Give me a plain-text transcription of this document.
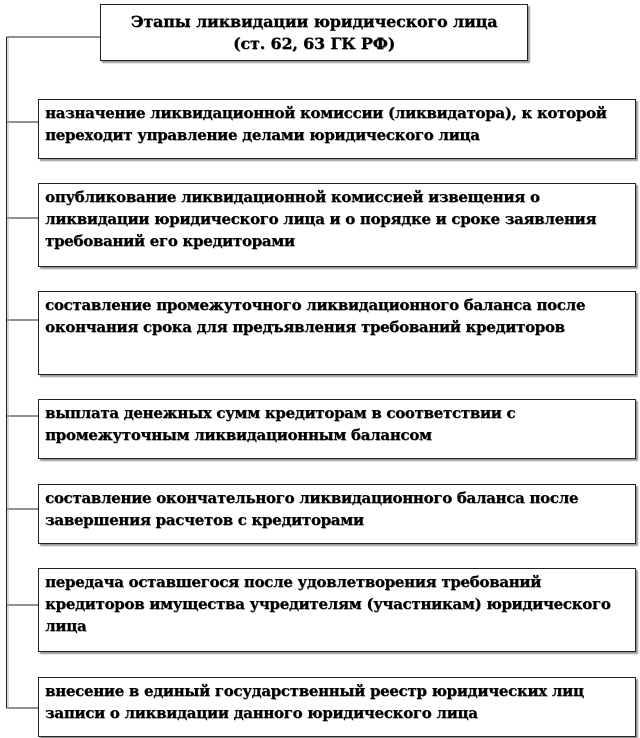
Этапы ликвидации юридического лица
(ст. 62, 63 ГК РФ)
назначение ликвидационной комиссии (ликвидатора), к которой переходит управление делами юридического лица
опубликование ликвидационной комиссией извещения о ликвидации юридического лица и о порядке и сроке заявления требований его кредиторами
составление промежуточного ликвидационного баланса после окончания срока для предъявления требований кредиторов
выплата денежных сумм кредиторам в соответствии с промежуточным ликвидационным балансом
составление окончательного ликвидационного баланса после завершения расчетов с кредиторами
передача оставшегося после удовлетворения требований кредиторов имущества учредителям (участникам) юридического лица
внесение в единый государственный реестр юридических лиц записи о ликвидации данного юридического лица
